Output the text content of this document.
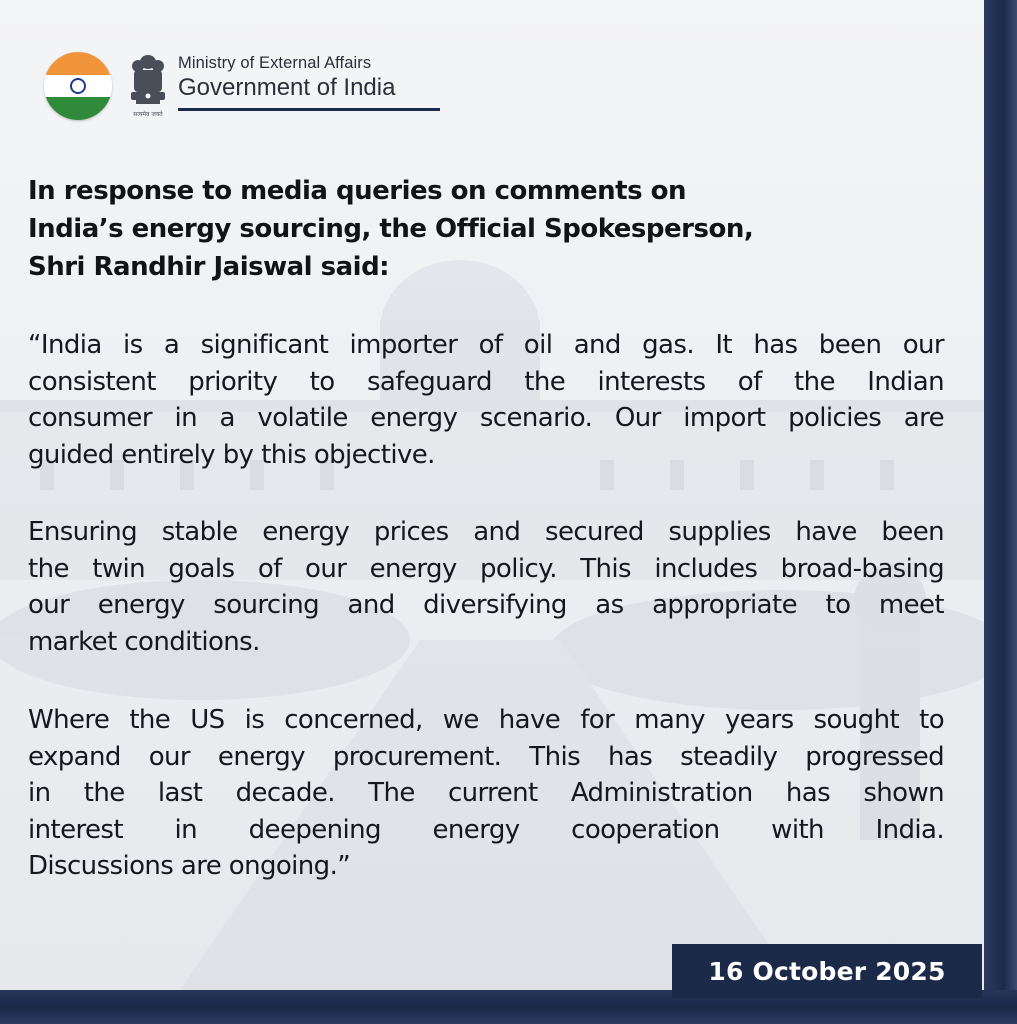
सत्यमेव जयते
Ministry of External Affairs
Government of India
In response to media queries on comments on
India’s energy sourcing, the Official Spokesperson,
Shri Randhir Jaiswal said:
“India is a significant importer of oil and gas. It has been our
consistent priority to safeguard the interests of the Indian
consumer in a volatile energy scenario. Our import policies are
guided entirely by this objective.
Ensuring stable energy prices and secured supplies have been
the twin goals of our energy policy. This includes broad-basing
our energy sourcing and diversifying as appropriate to meet
market conditions.
Where the US is concerned, we have for many years sought to
expand our energy procurement. This has steadily progressed
in the last decade. The current Administration has shown
interest in deepening energy cooperation with India.
Discussions are ongoing.”
16 October 2025
